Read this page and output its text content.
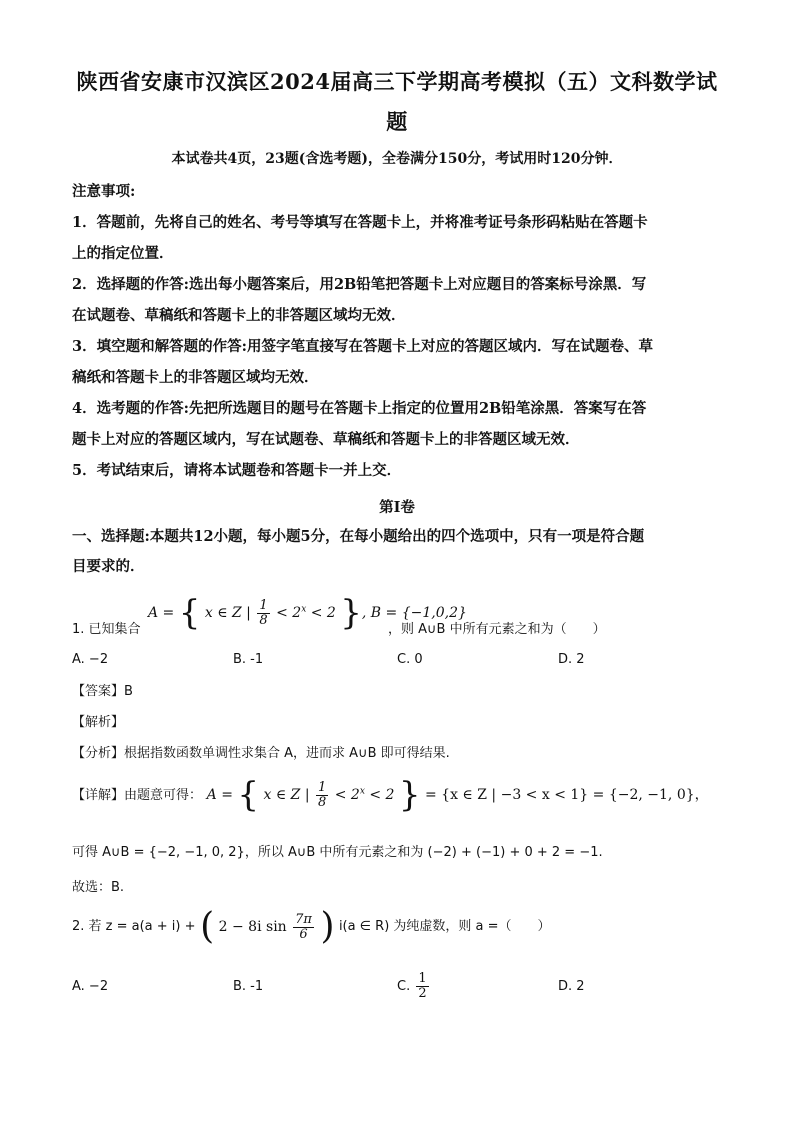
陕西省安康市汉滨区2024届高三下学期高考模拟（五）文科数学试
题
本试卷共4页，23题(含选考题)，全卷满分150分，考试用时120分钟．
注意事项:
1．答题前，先将自己的姓名、考号等填写在答题卡上，并将准考证号条形码粘贴在答题卡
上的指定位置．
2．选择题的作答:选出每小题答案后，用2B铅笔把答题卡上对应题目的答案标号涂黑．写
在试题卷、草稿纸和答题卡上的非答题区域均无效．
3．填空题和解答题的作答:用签字笔直接写在答题卡上对应的答题区域内．写在试题卷、草
稿纸和答题卡上的非答题区域均无效．
4．选考题的作答:先把所选题目的题号在答题卡上指定的位置用2B铅笔涂黑．答案写在答
题卡上对应的答题区域内，写在试题卷、草稿纸和答题卡上的非答题区域无效．
5．考试结束后，请将本试题卷和答题卡一并上交．
第I卷
一、选择题:本题共12小题，每小题5分，在每小题给出的四个选项中，只有一项是符合题
目要求的．
A = { x ∈ Z | $\frac{1}{8} < 2^x < 2$ }, B = {−1,0,2}
1. 已知集合	，则 A∪B 中所有元素之和为（　　）
A. −2	B. -1	C. 0	D. 2
【答案】B
【解析】
【分析】根据指数函数单调性求集合 A，进而求 A∪B 即可得结果.
【详解】由题意可得： A = { x ∈ Z | $\frac{1}{8} < 2^x < 2$ } = {x ∈ Z | −3 < x < 1} = {−2, −1, 0}，
可得 A∪B = {−2, −1, 0, 2}，所以 A∪B 中所有元素之和为 (−2) + (−1) + 0 + 2 = −1.
故选：B.
2. 若 z = a(a + i) + ( 2 − 8i $\sin \frac{7\pi}{6}$ ) i(a ∈ R) 为纯虚数，则 a =（　　）
A. −2	B. -1	C. $\frac{1}{2}$	D. 2
